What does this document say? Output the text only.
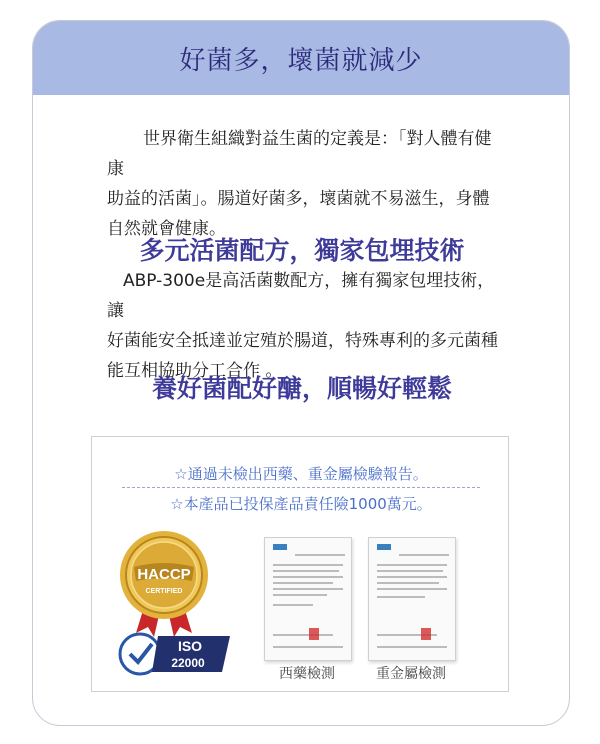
好菌多，壞菌就減少

世界衛生組織對益生菌的定義是：「對人體有健康
助益的活菌」。腸道好菌多，壞菌就不易滋生，身體
自然就會健康。

多元活菌配方，獨家包埋技術

ABP-300e是高活菌數配方，擁有獨家包埋技術，讓
好菌能安全抵達並定殖於腸道，特殊專利的多元菌種
能互相協助分工合作 。

養好菌配好醣，順暢好輕鬆
☆通過未檢出西藥、重金屬檢驗報告。
☆本產品已投保產品責任險1000萬元。
HACCP
CERTIFIED
ISO
22000
西藥檢測	重金屬檢測
